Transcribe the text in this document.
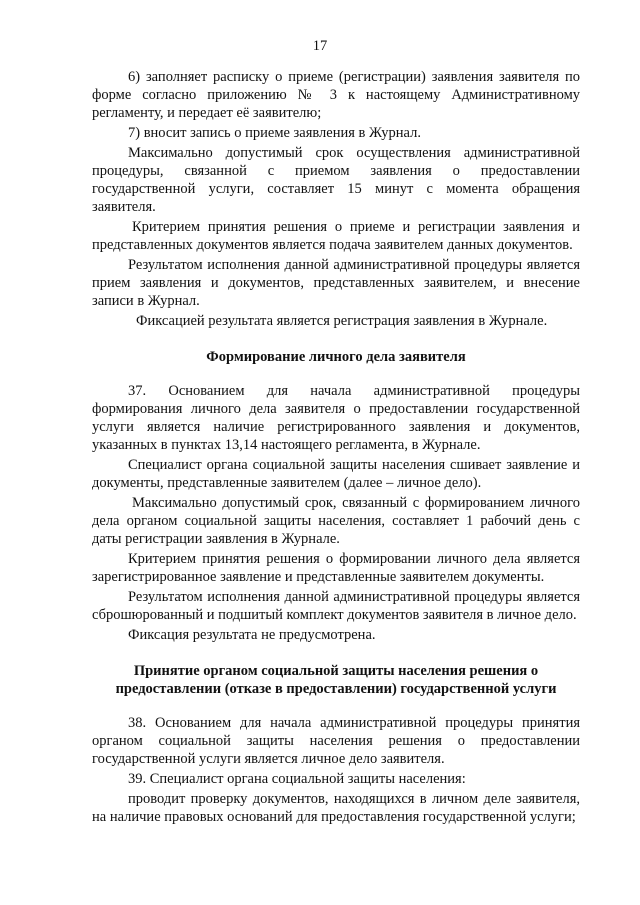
17
6) заполняет расписку о приеме (регистрации) заявления заявителя по форме согласно приложению № 3 к настоящему Административному регламенту, и передает её заявителю;
7) вносит запись о приеме заявления в Журнал.
Максимально допустимый срок осуществления административной процедуры, связанной с приемом заявления о предоставлении государственной услуги, составляет 15 минут с момента обращения заявителя.
Критерием принятия решения о приеме и регистрации заявления и представленных документов является подача заявителем данных документов.
Результатом исполнения данной административной процедуры является прием заявления и документов, представленных заявителем, и внесение записи в Журнал.
Фиксацией результата является регистрация заявления в Журнале.
Формирование личного дела заявителя
37. Основанием для начала административной процедуры формирования личного дела заявителя о предоставлении государственной услуги является наличие регистрированного заявления и документов, указанных в пунктах 13,14 настоящего регламента, в Журнале.
Специалист органа социальной защиты населения сшивает заявление и документы, представленные заявителем (далее – личное дело).
Максимально допустимый срок, связанный с формированием личного дела органом социальной защиты населения, составляет 1 рабочий день с даты регистрации заявления в Журнале.
Критерием принятия решения о формировании личного дела является зарегистрированное заявление и представленные заявителем документы.
Результатом исполнения данной административной процедуры является сброшюрованный и подшитый комплект документов заявителя в личное дело.
Фиксация результата не предусмотрена.
Принятие органом социальной защиты населения решения о предоставлении (отказе в предоставлении) государственной услуги
38. Основанием для начала административной процедуры принятия органом социальной защиты населения решения о предоставлении государственной услуги является личное дело заявителя.
39. Специалист органа социальной защиты населения:
проводит проверку документов, находящихся в личном деле заявителя, на наличие правовых оснований для предоставления государственной услуги;
